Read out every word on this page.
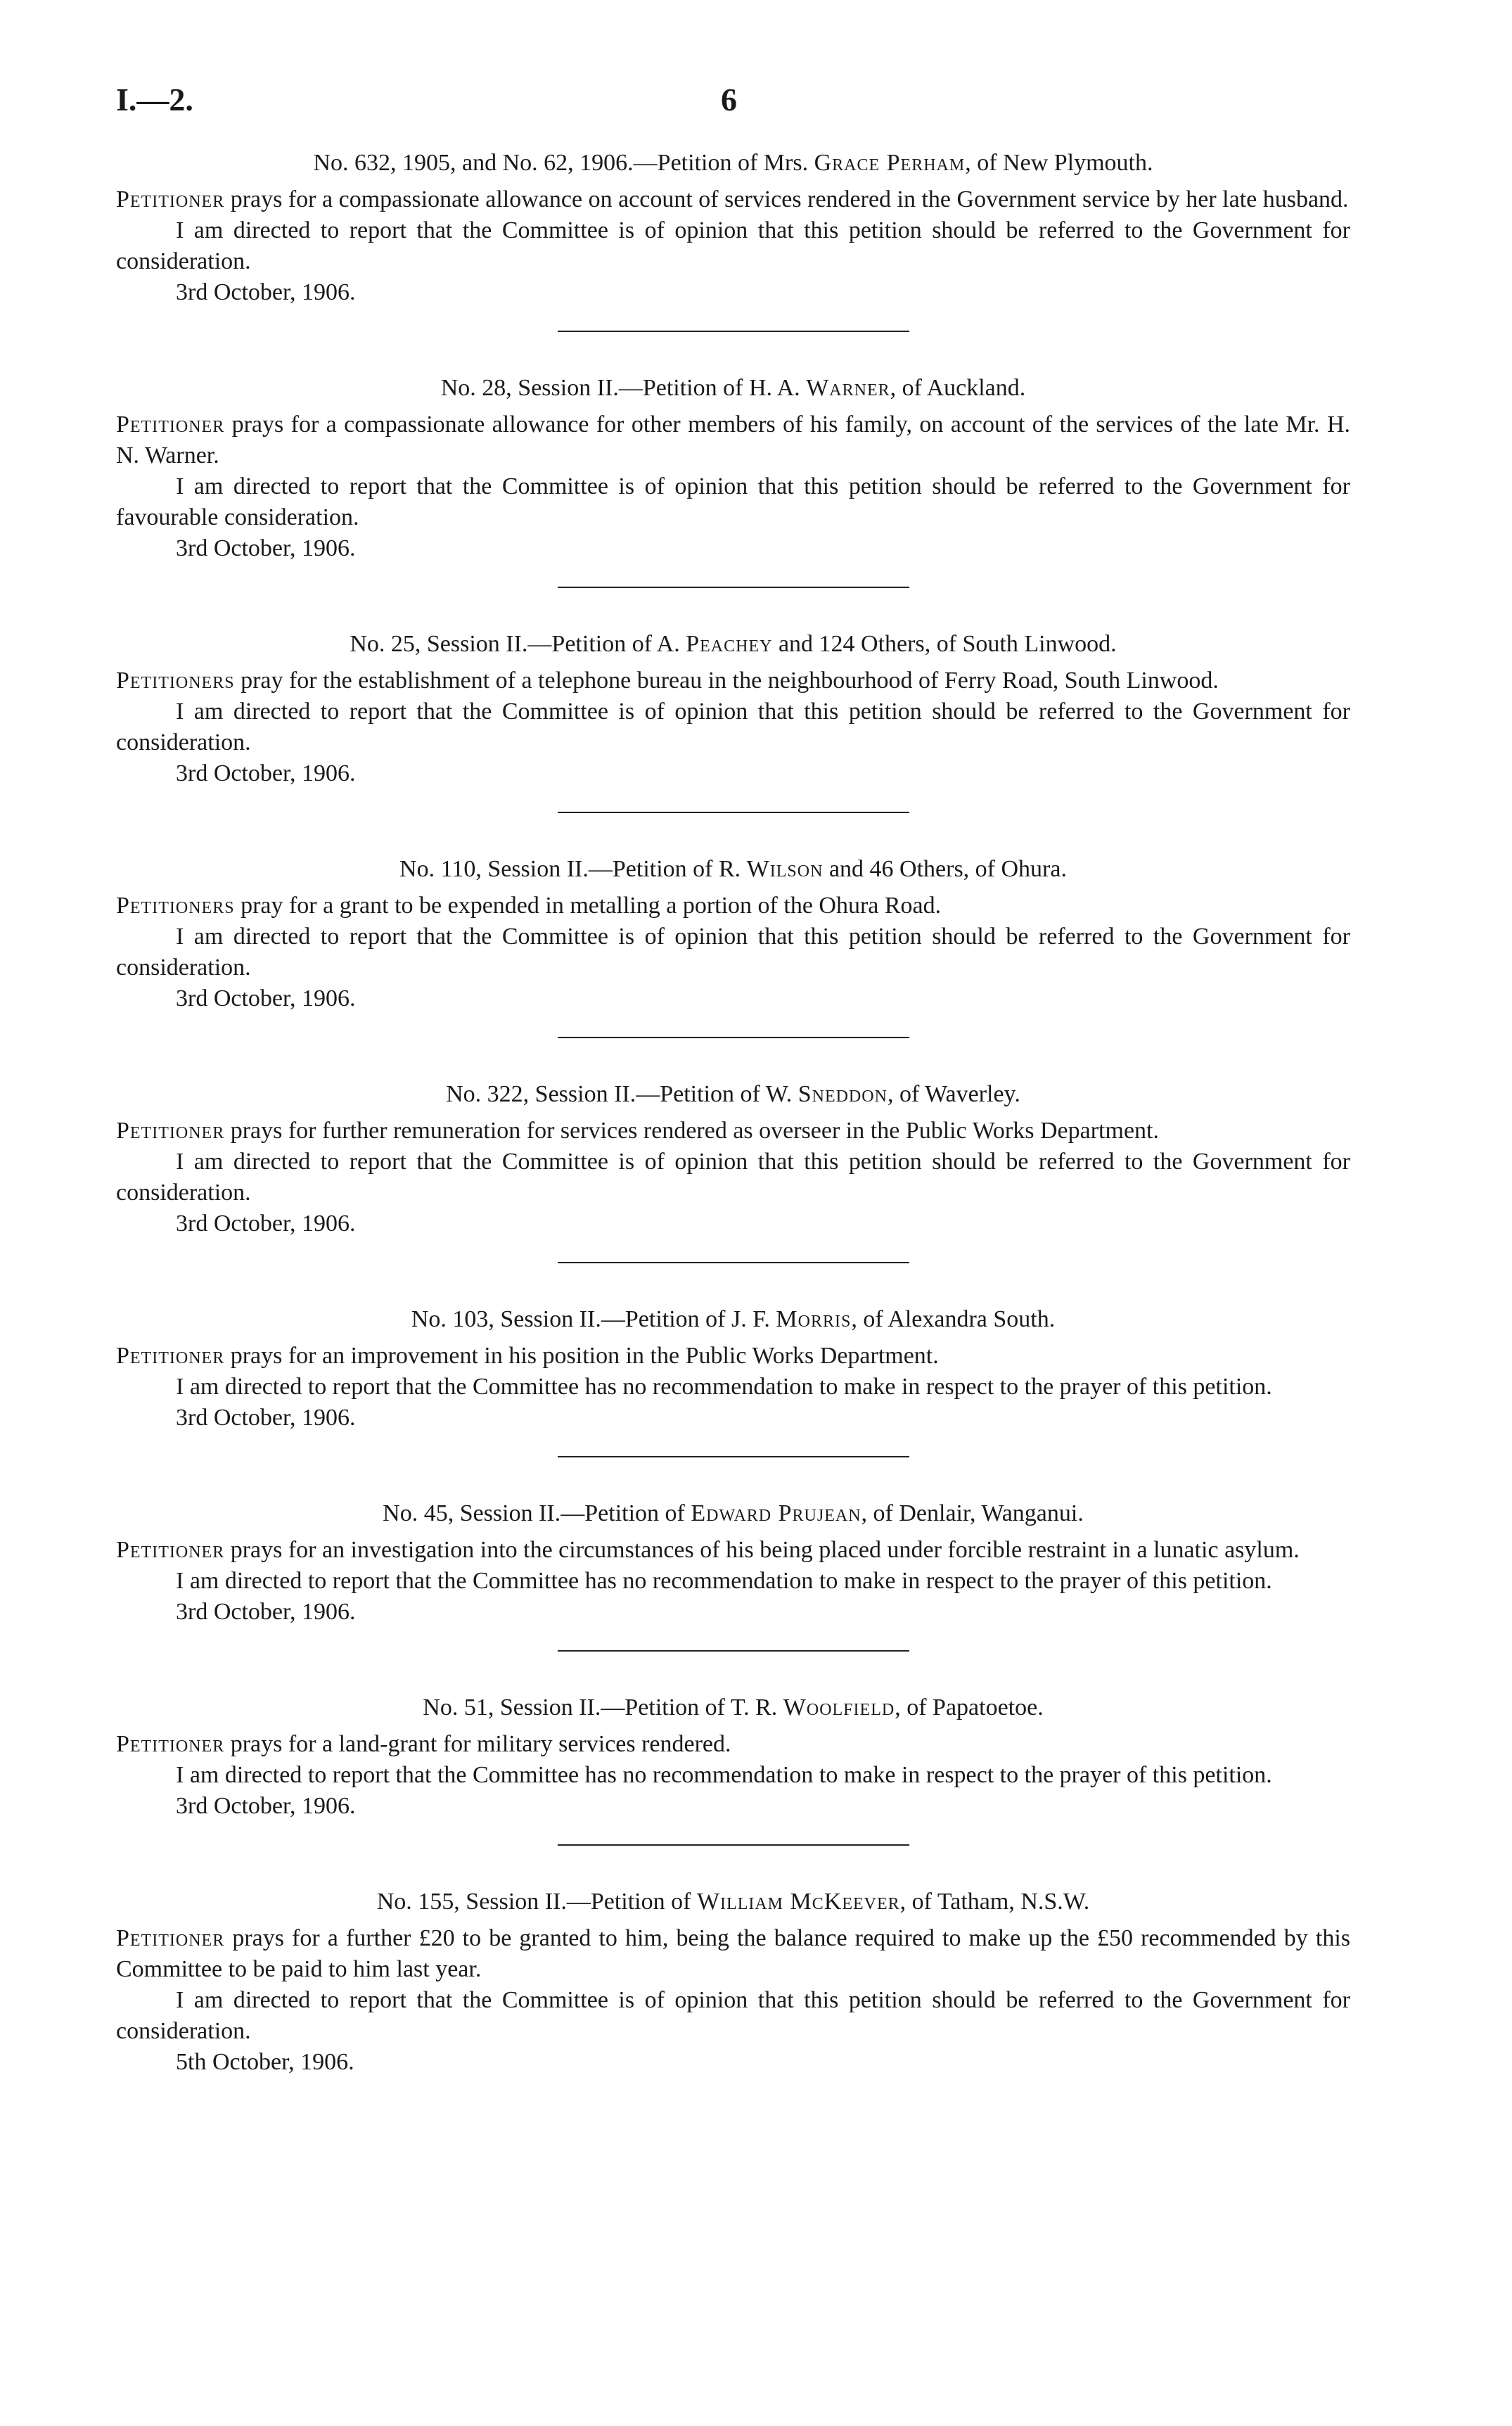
I.—2.	6

No. 632, 1905, and No. 62, 1906.—Petition of Mrs. Grace Perham, of New Plymouth.

Petitioner prays for a compassionate allowance on account of services rendered in the Government service by her late husband.

I am directed to report that the Committee is of opinion that this petition should be referred to the Government for consideration.

3rd October, 1906.

No. 28, Session II.—Petition of H. A. Warner, of Auckland.

Petitioner prays for a compassionate allowance for other members of his family, on account of the services of the late Mr. H. N. Warner.

I am directed to report that the Committee is of opinion that this petition should be referred to the Government for favourable consideration.

3rd October, 1906.

No. 25, Session II.—Petition of A. Peachey and 124 Others, of South Linwood.

Petitioners pray for the establishment of a telephone bureau in the neighbourhood of Ferry Road, South Linwood.

I am directed to report that the Committee is of opinion that this petition should be referred to the Government for consideration.

3rd October, 1906.

No. 110, Session II.—Petition of R. Wilson and 46 Others, of Ohura.

Petitioners pray for a grant to be expended in metalling a portion of the Ohura Road.

I am directed to report that the Committee is of opinion that this petition should be referred to the Government for consideration.

3rd October, 1906.

No. 322, Session II.—Petition of W. Sneddon, of Waverley.

Petitioner prays for further remuneration for services rendered as overseer in the Public Works Department.

I am directed to report that the Committee is of opinion that this petition should be referred to the Government for consideration.

3rd October, 1906.

No. 103, Session II.—Petition of J. F. Morris, of Alexandra South.

Petitioner prays for an improvement in his position in the Public Works Department.

I am directed to report that the Committee has no recommendation to make in respect to the prayer of this petition.

3rd October, 1906.

No. 45, Session II.—Petition of Edward Prujean, of Denlair, Wanganui.

Petitioner prays for an investigation into the circumstances of his being placed under forcible restraint in a lunatic asylum.

I am directed to report that the Committee has no recommendation to make in respect to the prayer of this petition.

3rd October, 1906.

No. 51, Session II.—Petition of T. R. Woolfield, of Papatoetoe.

Petitioner prays for a land-grant for military services rendered.

I am directed to report that the Committee has no recommendation to make in respect to the prayer of this petition.

3rd October, 1906.

No. 155, Session II.—Petition of William McKeever, of Tatham, N.S.W.

Petitioner prays for a further £20 to be granted to him, being the balance required to make up the £50 recommended by this Committee to be paid to him last year.

I am directed to report that the Committee is of opinion that this petition should be referred to the Government for consideration.

5th October, 1906.
